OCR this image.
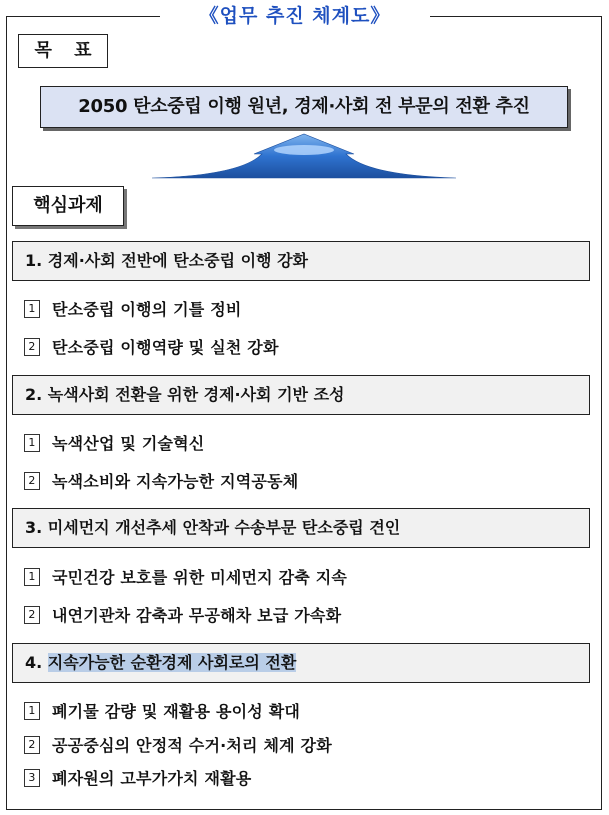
《업무 추진 체계도》
목 표
2050 탄소중립 이행 원년, 경제·사회 전 부문의 전환 추진
핵심과제
1. 경제·사회 전반에 탄소중립 이행 강화
1 탄소중립 이행의 기틀 정비
2 탄소중립 이행역량 및 실천 강화
2. 녹색사회 전환을 위한 경제·사회 기반 조성
1 녹색산업 및 기술혁신
2 녹색소비와 지속가능한 지역공동체
3. 미세먼지 개선추세 안착과 수송부문 탄소중립 견인
1 국민건강 보호를 위한 미세먼지 감축 지속
2 내연기관차 감축과 무공해차 보급 가속화
4. 지속가능한 순환경제 사회로의 전환
1 폐기물 감량 및 재활용 용이성 확대
2 공공중심의 안정적 수거·처리 체계 강화
3 폐자원의 고부가가치 재활용
